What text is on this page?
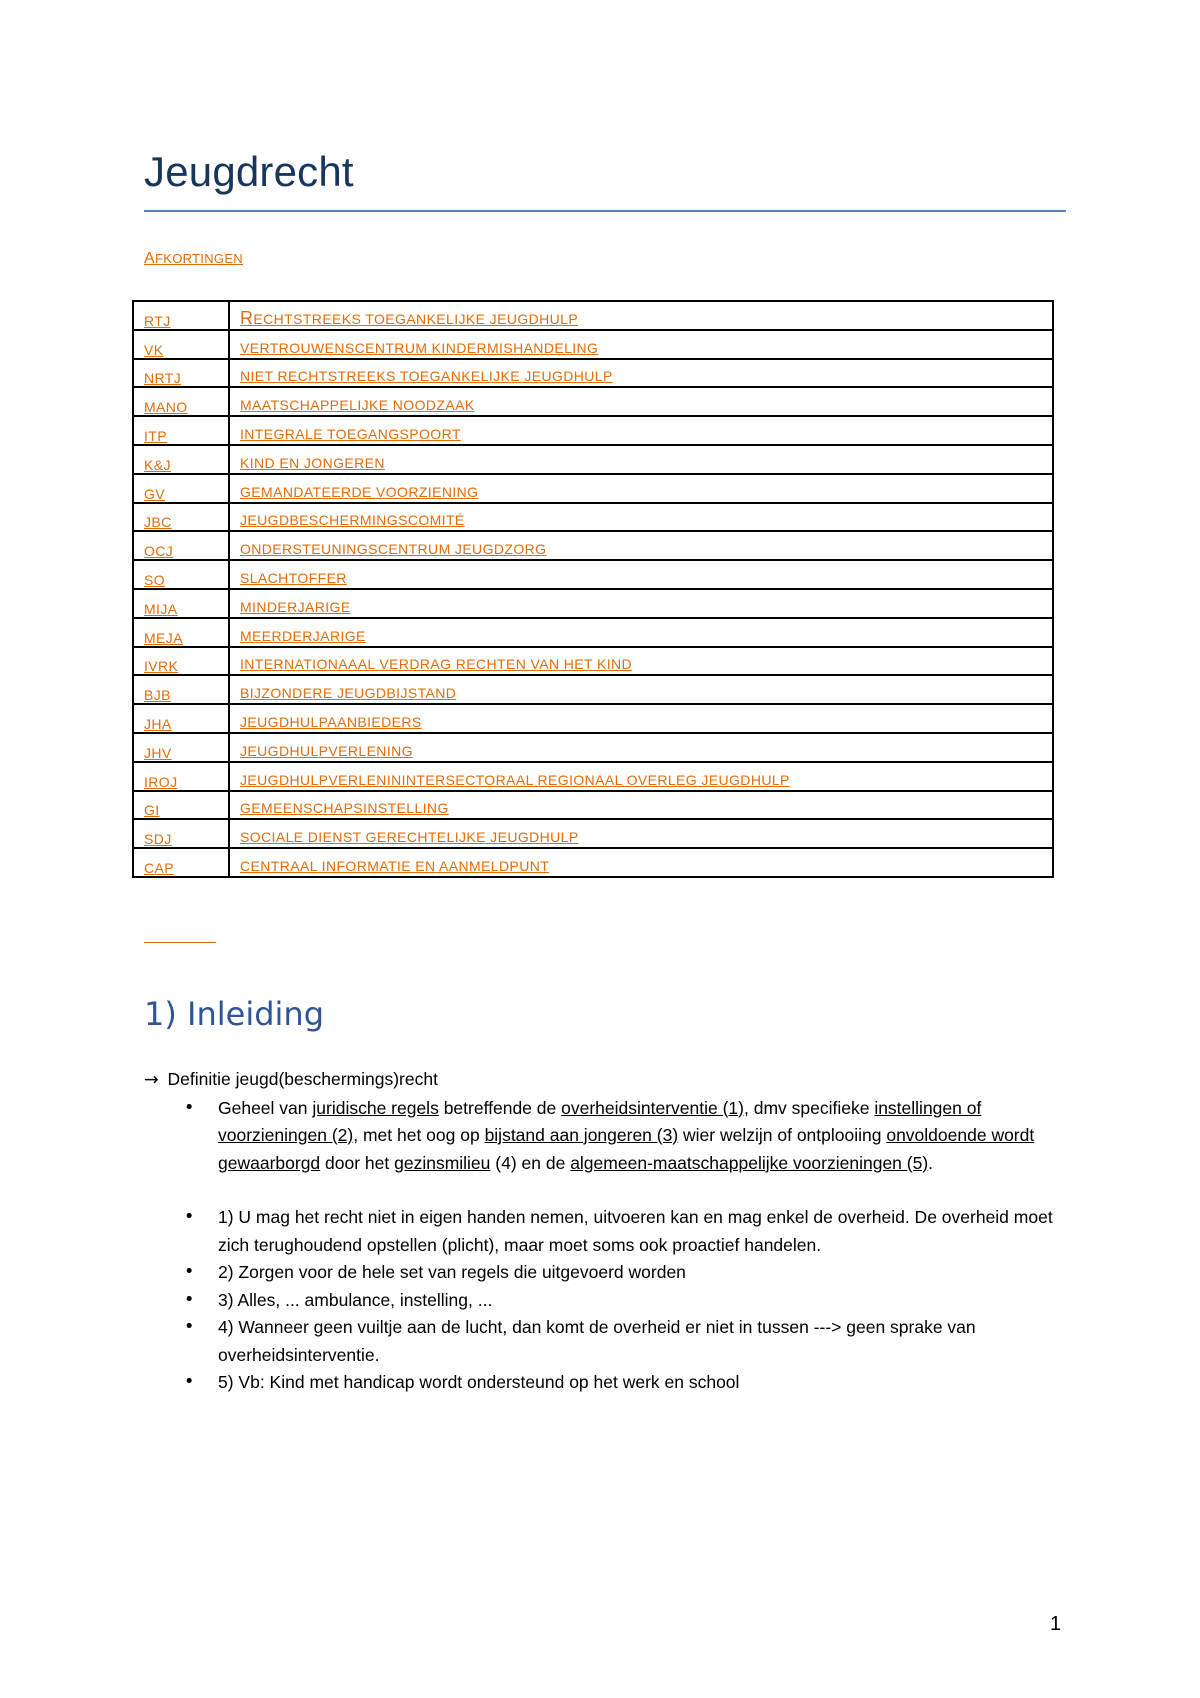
Jeugdrecht
AFKORTINGEN
RTJ	RECHTSTREEKS TOEGANKELIJKE JEUGDHULP
VK	VERTROUWENSCENTRUM KINDERMISHANDELING
NRTJ	NIET RECHTSTREEKS TOEGANKELIJKE JEUGDHULP
MANO	MAATSCHAPPELIJKE NOODZAAK
ITP	INTEGRALE TOEGANGSPOORT
K&J	KIND EN JONGEREN
GV	GEMANDATEERDE VOORZIENING
JBC	JEUGDBESCHERMINGSCOMITÉ
OCJ	ONDERSTEUNINGSCENTRUM JEUGDZORG
SO	SLACHTOFFER
MIJA	MINDERJARIGE
MEJA	MEERDERJARIGE
IVRK	INTERNATIONAAAL VERDRAG RECHTEN VAN HET KIND
BJB	BIJZONDERE JEUGDBIJSTAND
JHA	JEUGDHULPAANBIEDERS
JHV	JEUGDHULPVERLENING
IROJ	JEUGDHULPVERLENININTERSECTORAAL REGIONAAL OVERLEG JEUGDHULP
GI	GEMEENSCHAPSINSTELLING
SDJ	SOCIALE DIENST GERECHTELIJKE JEUGDHULP
CAP	CENTRAAL INFORMATIE EN AANMELDPUNT
1) Inleiding

→ Definitie jeugd(beschermings)recht

• Geheel van juridische regels betreffende de overheidsinterventie (1), dmv specifieke instellingen of voorzieningen (2), met het oog op bijstand aan jongeren (3) wier welzijn of ontplooiing onvoldoende wordt gewaarborgd door het gezinsmilieu (4) en de algemeen-maatschappelijke voorzieningen (5).
• 1) U mag het recht niet in eigen handen nemen, uitvoeren kan en mag enkel de overheid. De overheid moet zich terughoudend opstellen (plicht), maar moet soms ook proactief handelen.
• 2) Zorgen voor de hele set van regels die uitgevoerd worden
• 3) Alles, ... ambulance, instelling, ...
• 4) Wanneer geen vuiltje aan de lucht, dan komt de overheid er niet in tussen ---> geen sprake van overheidsinterventie.
• 5) Vb: Kind met handicap wordt ondersteund op het werk en school
1
